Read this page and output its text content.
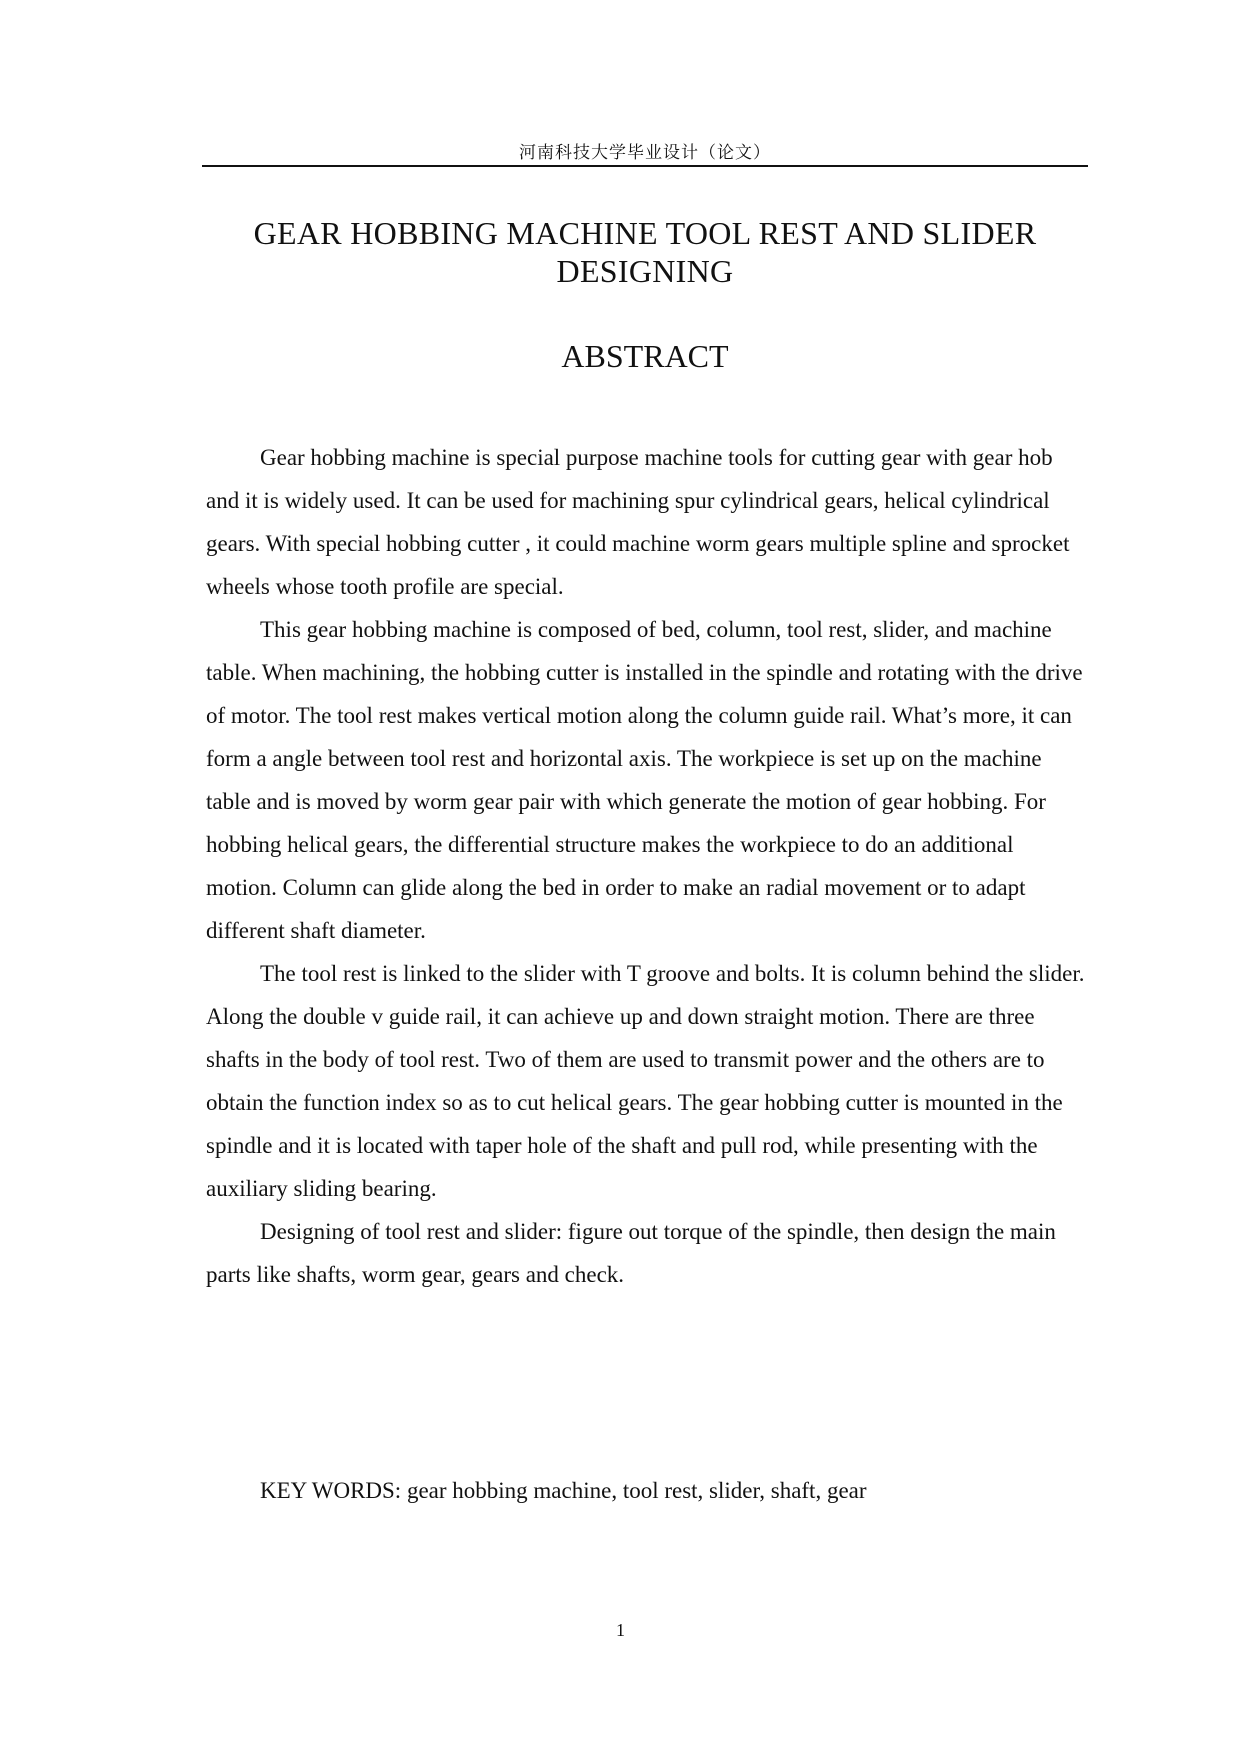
河南科技大学毕业设计（论文）
GEAR HOBBING MACHINE TOOL REST AND SLIDER
DESIGNING
ABSTRACT

Gear hobbing machine is special purpose machine tools for cutting gear with gear hob and it is widely used. It can be used for machining spur cylindrical gears, helical cylindrical gears. With special hobbing cutter , it could machine worm gears multiple spline and sprocket wheels whose tooth profile are special.

This gear hobbing machine is composed of bed, column, tool rest, slider, and machine table. When machining, the hobbing cutter is installed in the spindle and rotating with the drive of motor. The tool rest makes vertical motion along the column guide rail. What’s more, it can form a angle between tool rest and horizontal axis. The workpiece is set up on the machine table and is moved by worm gear pair with which generate the motion of gear hobbing. For hobbing helical gears, the differential structure makes the workpiece to do an additional motion. Column can glide along the bed in order to make an radial movement or to adapt different shaft diameter.

The tool rest is linked to the slider with T groove and bolts. It is column behind the slider. Along the double v guide rail, it can achieve up and down straight motion. There are three shafts in the body of tool rest. Two of them are used to transmit power and the others are to obtain the function index so as to cut helical gears. The gear hobbing cutter is mounted in the spindle and it is located with taper hole of the shaft and pull rod, while presenting with the auxiliary sliding bearing.

Designing of tool rest and slider: figure out torque of the spindle, then design the main parts like shafts, worm gear, gears and check.

KEY WORDS: gear hobbing machine, tool rest, slider, shaft, gear

1
